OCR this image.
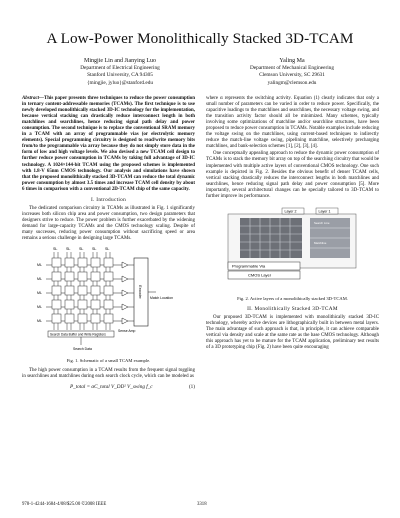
A Low-Power Monolithically Stacked 3D-TCAM
Mingjie Lin and Jianying Luo
Department of Electrical Engineering
Stanford University, CA 94305
{mingjie, jyluo}@stanford.edu
Yaling Ma
Department of Mechanical Engineering
Clemson University, SC 29631
yalingm@clemson.edu

Abstract—This paper presents three techniques to reduce the power consumption in ternary content-addressable memories (TCAMs). The first technique is to use newly developed monolithically stacked 3D-IC technology for the implementation, because vertical stacking can drastically reduce interconnect length in both matchlines and searchlines, hence reducing signal path delay and power consumption. The second technique is to replace the conventional SRAM memory in a TCAM with an array of programmable vias (or electrolytic memory elements). Special programming circuitry is designed to read/write memory bits from/to the programmable via array because they do not simply store data in the form of low and high voltage levels. We also devised a new TCAM cell design to further reduce power consumption in TCAMs by taking full advantage of 3D-IC technology. A 1024×144-bit TCAM using the proposed schemes is implemented with 1.8-V 65nm CMOS technology. Our analysis and simulations have shown that the proposed monolithically stacked 3D-TCAM can reduce the total dynamic power consumption by almost 3.5 times and increase TCAM cell density by about 6 times in comparison with a conventional 2D-TCAM chip of the same capacity.

I. Introduction

The dedicated comparison circuitry in TCAMs as illustrated in Fig. 1 significantly increases both silicon chip area and power consumption, two design parameters that designers strive to reduce. The power problem is further exacerbated by the widening demand for large-capacity TCAMs and the CMOS technology scaling. Despite of many successes, reducing power consumption without sacrificing speed or area remains a serious challenge in designing large TCAMs.

SL SL SL SL SL
ML
ML
ML
ML
ML
Encoder Match Location
Sense Amp
Search Data Buffer and Write Registers
Search Data
Fig. 1. Schematic of a small TCAM example.

The high power consumption in a TCAM results from the frequent signal toggling in searchlines and matchlines during each search clock cycle, which can be modeled as

P_total = αC_total V_DD² V_swing f_c	(1)

where α represents the switching activity. Equation (1) clearly indicates that only a small number of parameters can be varied in order to reduce power. Specifically, the capacitive loadings to the matchlines and searchlines, the necessary voltage swing, and the transition activity factor should all be minimized. Many schemes, typically involving some optimizations of matchline and/or searchline structures, have been proposed to reduce power consumption in TCAMs. Notable examples include reducing the voltage swing on the matchlines, using current-based techniques to indirectly reduce the match-line voltage swing, pipelining matchline, selectively precharging matchlines, and bank-selection schemes [1], [2], [3], [4].

One conceptually appealing approach to reduce the dynamic power consumption of TCAMs is to stack the memory bit array on top of the searching circuitry that would be implemented with multiple active layers of conventional CMOS technology. One such example is depicted in Fig. 2. Besides the obvious benefit of denser TCAM cells, vertical stacking drastically reduces the interconnect lengths in both matchlines and searchlines, hence reducing signal path delay and power consumption [5]. More importantly, several architectural changes can be specially tailored to 3D-TCAM to further improve its performance.

Layer 2	Layer 1
Search Line
Matchline
Programmable Via
CMOS Layer
Fig. 2. Active layers of a monolithically stacked 3D-TCAM.
II. Monolithically Stacked 3D-TCAM

Our proposed 3D-TCAM is implemented with monolithically stacked 3D-IC technology, whereby active devices are lithographically built in between metal layers. The main advantage of such approach is that, in principle, it can achieve comparable vertical via density and scale at the same rate as the base CMOS technology. Although this approach has yet to be mature for the TCAM application, preliminary test results of a 3D prototyping chip (Fig. 2) have been quite encouraging

978-1-4244-1684-4/08/$25.00 ©2008 IEEE	3318
